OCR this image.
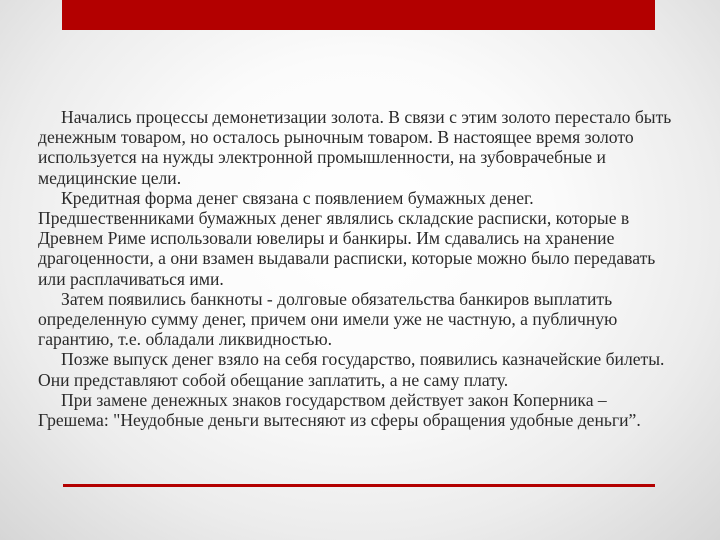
Начались процессы демонетизации золота. В связи с этим золото перестало быть денежным товаром, но осталось рыночным товаром. В настоящее время золото используется на нужды электронной промышленности, на зубоврачебные и медицинские цели.

Кредитная форма денег связана с появлением бумажных денег. Предшественниками бумажных денег являлись складские расписки, которые в Древнем Риме использовали ювелиры и банкиры. Им сдавались на хранение драгоценности, а они взамен выдавали расписки, которые можно было передавать или расплачиваться ими.

Затем появились банкноты - долговые обязательства банкиров выплатить определенную сумму денег, причем они имели уже не частную, а публичную гарантию, т.е. обладали ликвидностью.

Позже выпуск денег взяло на себя государство, появились казначейские билеты. Они представляют собой обещание заплатить, а не саму плату.

При замене денежных знаков государством действует закон Коперника – Грешема: "Неудобные деньги вытесняют из сферы обращения удобные деньги”.
